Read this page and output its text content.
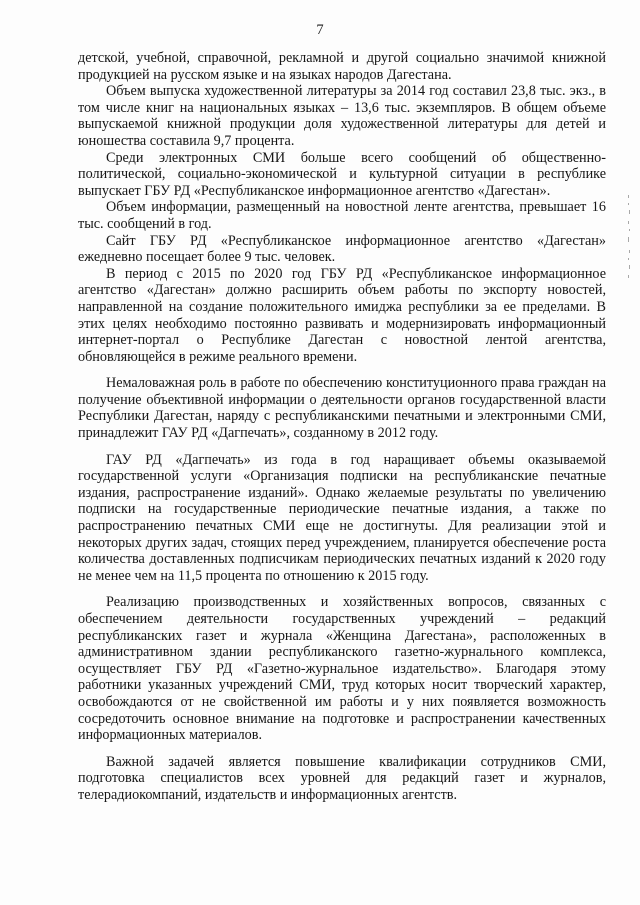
7

детской, учебной, справочной, рекламной и другой социально значимой книжной продукцией на русском языке и на языках народов Дагестана.

Объем выпуска художественной литературы за 2014 год составил 23,8 тыс. экз., в том числе книг на национальных языках – 13,6 тыс. экземпляров. В общем объеме выпускаемой книжной продукции доля художественной литературы для детей и юношества составила 9,7 процента.

Среди электронных СМИ больше всего сообщений об общественно-политической, социально-экономической и культурной ситуации в республике выпускает ГБУ РД «Республиканское информационное агентство «Дагестан».

Объем информации, размещенный на новостной ленте агентства, превышает 16 тыс. сообщений в год.

Сайт ГБУ РД «Республиканское информационное агентство «Дагестан» ежедневно посещает более 9 тыс. человек.

В период с 2015 по 2020 год ГБУ РД «Республиканское информационное агентство «Дагестан» должно расширить объем работы по экспорту новостей, направленной на создание положительного имиджа республики за ее пределами. В этих целях необходимо постоянно развивать и модернизировать информационный интернет-портал о Республике Дагестан с новостной лентой агентства, обновляющейся в режиме реального времени.

Немаловажная роль в работе по обеспечению конституционного права граждан на получение объективной информации о деятельности органов государственной власти Республики Дагестан, наряду с республиканскими печатными и электронными СМИ, принадлежит ГАУ РД «Дагпечать», созданному в 2012 году.

ГАУ РД «Дагпечать» из года в год наращивает объемы оказываемой государственной услуги «Организация подписки на республиканские печатные издания, распространение изданий». Однако желаемые результаты по увеличению подписки на государственные периодические печатные издания, а также по распространению печатных СМИ еще не достигнуты. Для реализации этой и некоторых других задач, стоящих перед учреждением, планируется обеспечение роста количества доставленных подписчикам периодических печатных изданий к 2020 году не менее чем на 11,5 процента по отношению к 2015 году.

Реализацию производственных и хозяйственных вопросов, связанных с обеспечением деятельности государственных учреждений – редакций республиканских газет и журнала «Женщина Дагестана», расположенных в административном здании республиканского газетно-журнального комплекса, осуществляет ГБУ РД «Газетно-журнальное издательство». Благодаря этому работники указанных учреждений СМИ, труд которых носит творческий характер, освобождаются от не свойственной им работы и у них появляется возможность сосредоточить основное внимание на подготовке и распространении качественных информационных материалов.

Важной задачей является повышение квалификации сотрудников СМИ, подготовка специалистов всех уровней для редакций газет и журналов, телерадиокомпаний, издательств и информационных агентств.
